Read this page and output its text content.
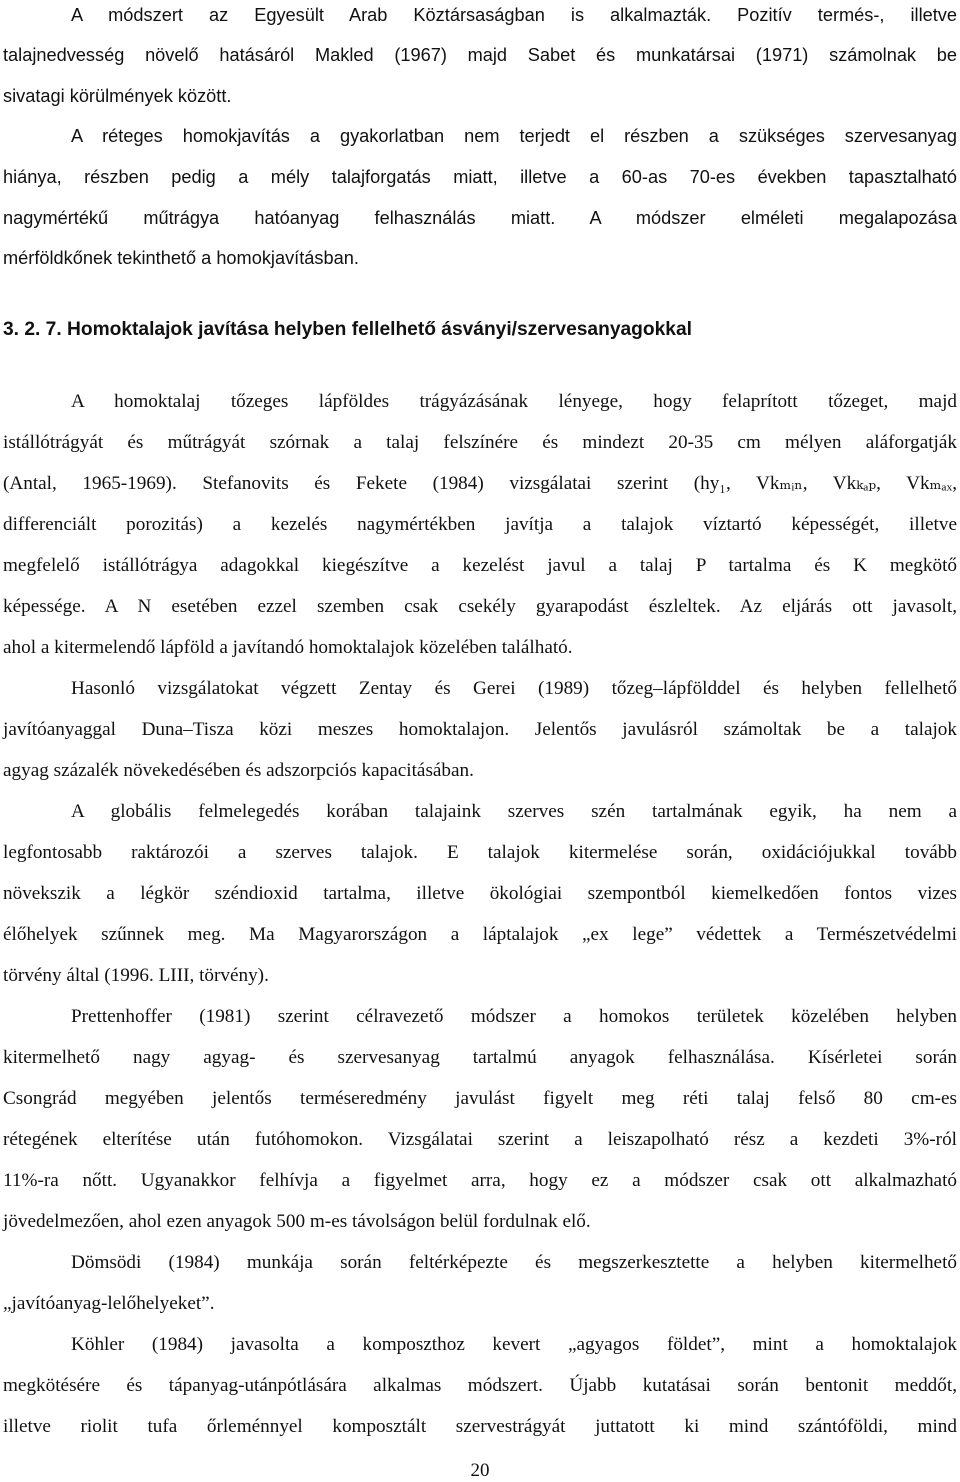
A módszert az Egyesült Arab Köztársaságban is alkalmazták. Pozitív termés-, illetve

talajnedvesség növelő hatásáról Makled (1967) majd Sabet és munkatársai (1971) számolnak be

sivatagi körülmények között.

A réteges homokjavítás a gyakorlatban nem terjedt el részben a szükséges szervesanyag

hiánya, részben pedig a mély talajforgatás miatt, illetve a 60-as 70-es években tapasztalható

nagymértékű műtrágya hatóanyag felhasználás miatt. A módszer elméleti megalapozása

mérföldkőnek tekinthető a homokjavításban.

3. 2. 7. Homoktalajok javítása helyben fellelhető ásványi/szervesanyagokkal

A homoktalaj tőzeges lápföldes trágyázásának lényege, hogy felaprított tőzeget, majd

istállótrágyát és műtrágyát szórnak a talaj felszínére és mindezt 20-35 cm mélyen aláforgatják

(Antal, 1965-1969). Stefanovits és Fekete (1984) vizsgálatai szerint (hy₁, Vkₘᵢₙ, Vkₖₐₚ, Vkₘₐₓ,

differenciált porozitás) a kezelés nagymértékben javítja a talajok víztartó képességét, illetve

megfelelő istállótrágya adagokkal kiegészítve a kezelést javul a talaj P tartalma és K megkötő

képessége. A N esetében ezzel szemben csak csekély gyarapodást észleltek. Az eljárás ott javasolt,

ahol a kitermelendő lápföld a javítandó homoktalajok közelében található.

Hasonló vizsgálatokat végzett Zentay és Gerei (1989) tőzeg–lápfölddel és helyben fellelhető

javítóanyaggal Duna–Tisza közi meszes homoktalajon. Jelentős javulásról számoltak be a talajok

agyag százalék növekedésében és adszorpciós kapacitásában.

A globális felmelegedés korában talajaink szerves szén tartalmának egyik, ha nem a

legfontosabb raktározói a szerves talajok. E talajok kitermelése során, oxidációjukkal tovább

növekszik a légkör széndioxid tartalma, illetve ökológiai szempontból kiemelkedően fontos vizes

élőhelyek szűnnek meg. Ma Magyarországon a láptalajok „ex lege” védettek a Természetvédelmi

törvény által (1996. LIII, törvény).

Prettenhoffer (1981) szerint célravezető módszer a homokos területek közelében helyben

kitermelhető nagy agyag- és szervesanyag tartalmú anyagok felhasználása. Kísérletei során

Csongrád megyében jelentős terméseredmény javulást figyelt meg réti talaj felső 80 cm-es

rétegének elterítése után futóhomokon. Vizsgálatai szerint a leiszapolható rész a kezdeti 3%-ról

11%-ra nőtt. Ugyanakkor felhívja a figyelmet arra, hogy ez a módszer csak ott alkalmazható

jövedelmezően, ahol ezen anyagok 500 m-es távolságon belül fordulnak elő.

Dömsödi (1984) munkája során feltérképezte és megszerkesztette a helyben kitermelhető

„javítóanyag-lelőhelyeket”.

Köhler (1984) javasolta a komposzthoz kevert „agyagos földet”, mint a homoktalajok

megkötésére és tápanyag-utánpótlására alkalmas módszert. Újabb kutatásai során bentonit meddőt,

illetve riolit tufa őrleménnyel komposztált szervestrágyát juttatott ki mind szántóföldi, mind

20
